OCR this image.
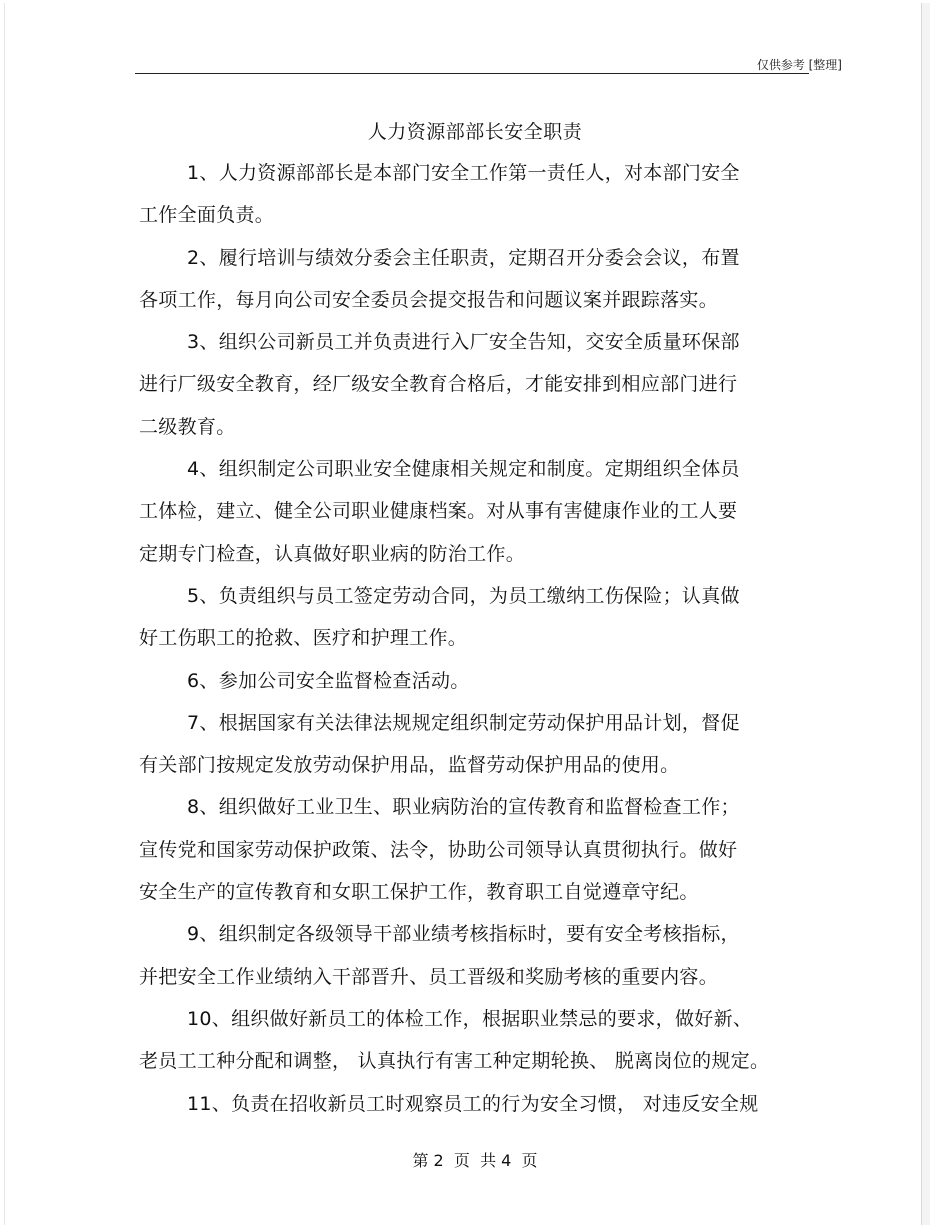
仅供参考 [整理]
人力资源部部长安全职责
1、人力资源部部长是本部门安全工作第一责任人，对本部门安全
工作全面负责。
2、履行培训与绩效分委会主任职责，定期召开分委会会议，布置
各项工作，每月向公司安全委员会提交报告和问题议案并跟踪落实。
3、组织公司新员工并负责进行入厂安全告知，交安全质量环保部
进行厂级安全教育，经厂级安全教育合格后，才能安排到相应部门进行
二级教育。
4、组织制定公司职业安全健康相关规定和制度。定期组织全体员
工体检，建立、健全公司职业健康档案。对从事有害健康作业的工人要
定期专门检查，认真做好职业病的防治工作。
5、负责组织与员工签定劳动合同，为员工缴纳工伤保险；认真做
好工伤职工的抢救、医疗和护理工作。
6、参加公司安全监督检查活动。
7、根据国家有关法律法规规定组织制定劳动保护用品计划，督促
有关部门按规定发放劳动保护用品，监督劳动保护用品的使用。
8、组织做好工业卫生、职业病防治的宣传教育和监督检查工作；
宣传党和国家劳动保护政策、法令，协助公司领导认真贯彻执行。做好
安全生产的宣传教育和女职工保护工作，教育职工自觉遵章守纪。
9、组织制定各级领导干部业绩考核指标时，要有安全考核指标，
并把安全工作业绩纳入干部晋升、员工晋级和奖励考核的重要内容。
10、组织做好新员工的体检工作，根据职业禁忌的要求，做好新、
老员工工种分配和调整， 认真执行有害工种定期轮换、 脱离岗位的规定。
11、负责在招收新员工时观察员工的行为安全习惯， 对违反安全规
第 2  页  共 4  页
